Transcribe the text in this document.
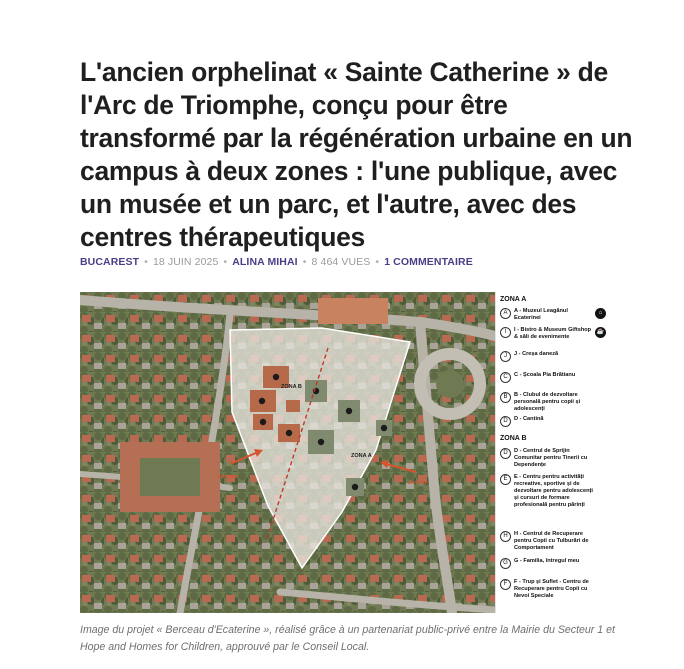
L'ancien orphelinat « Sainte Catherine » de l'Arc de Triomphe, conçu pour être transformé par la régénération urbaine en un campus à deux zones : l'une publique, avec un musée et un parc, et l'autre, avec des centres thérapeutiques
BUCAREST • 18 JUIN 2025 • ALINA MIHAI • 8 464 VUES • 1 COMMENTAIRE
ZONA B
ZONA A
INTRARE
INTRARE
ZONA A
A	A - Muzeul Leagănul Ecaterinei
⌂
I	I - Bistro & Museum Giftshop & săli de evenimente
☕
J	J - Creșa daneză
C	C - Școala Pia Brătianu
B	B - Clubul de dezvoltare personală pentru copii și adolescenți
D	D - Cantină
ZONA B
D	D - Centrul de Sprijin Comunitar pentru Tinerii cu Dependențe
E	E - Centru pentru activități recreative, sportive și de dezvoltare pentru adolescenți și cursuri de formare profesională pentru părinți
H	H - Centrul de Recuperare pentru Copii cu Tulburări de Comportament
G	G - Familia, întregul meu
F	F - Trup și Suflet - Centru de Recuperare pentru Copii cu Nevoi Speciale
Image du projet « Berceau d'Ecaterine », réalisé grâce à un partenariat public-privé entre la Mairie du Secteur 1 et Hope and Homes for Children, approuvé par le Conseil Local.
